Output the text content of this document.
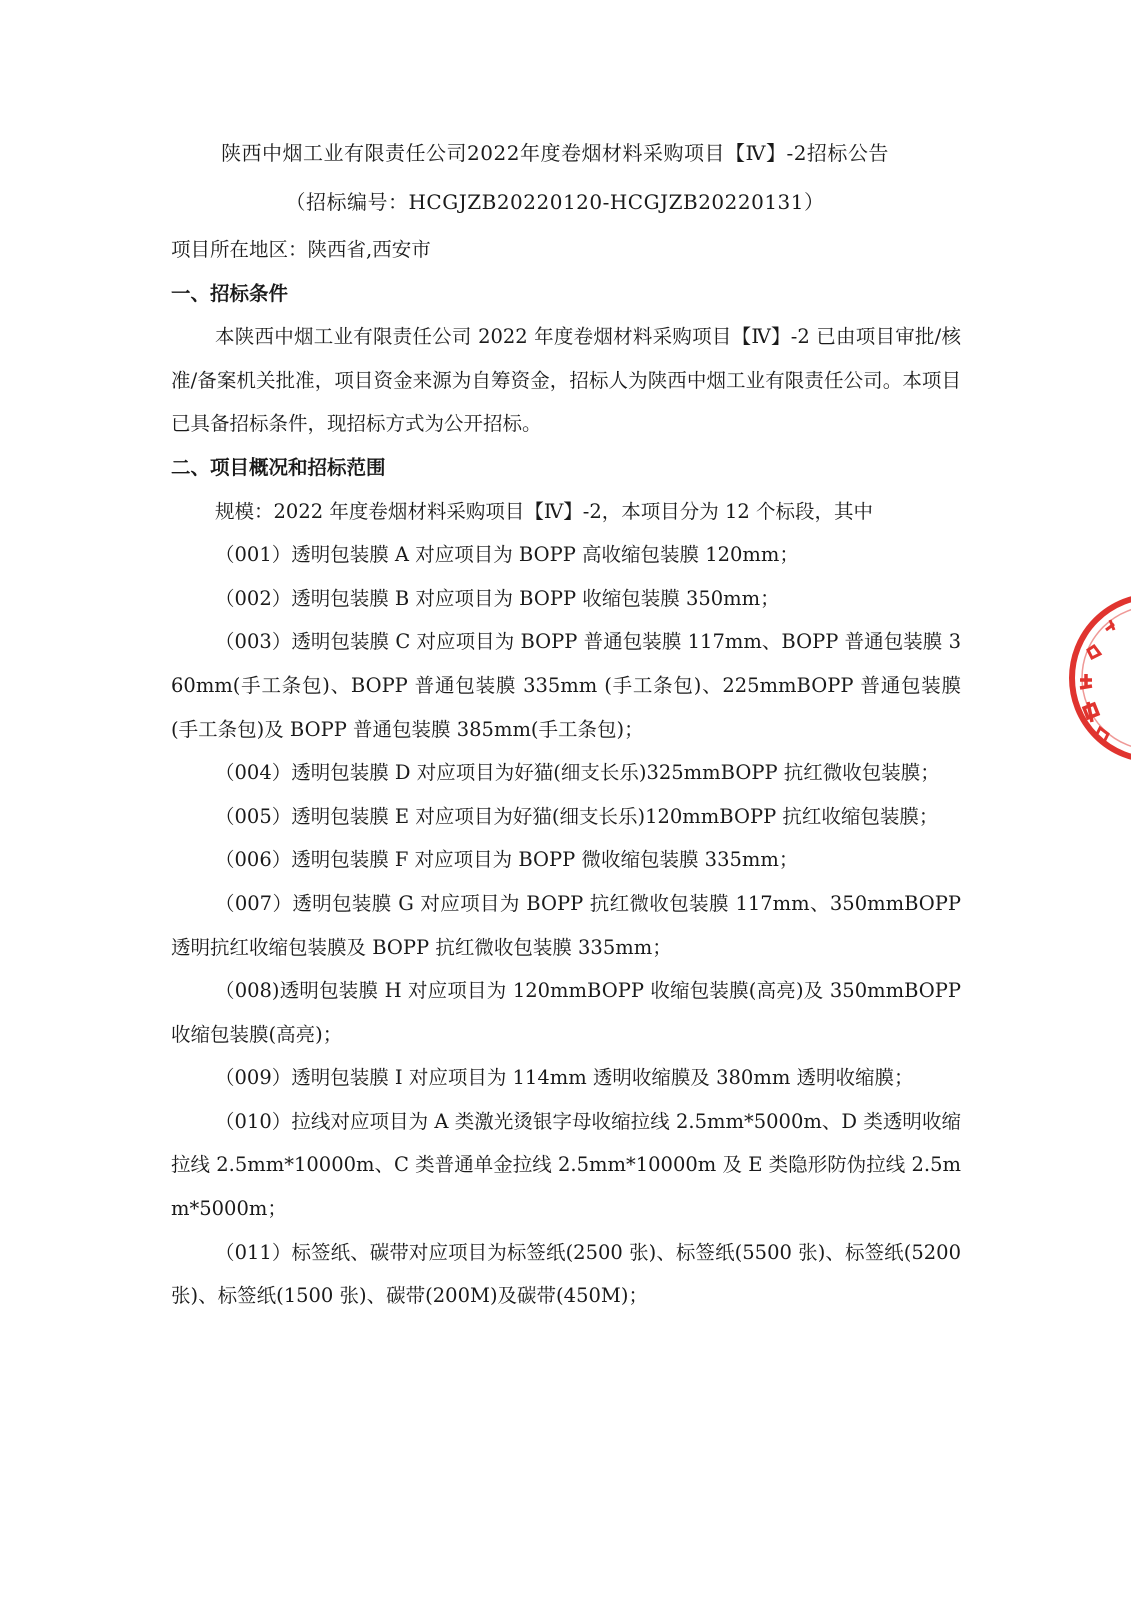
陕西中烟工业有限责任公司2022年度卷烟材料采购项目【Ⅳ】-2招标公告
（招标编号：HCGJZB20220120-HCGJZB20220131）
项目所在地区：陕西省,西安市
一、招标条件
本陕西中烟工业有限责任公司 2022 年度卷烟材料采购项目【Ⅳ】-2 已由项目审批/核准/备案机关批准，项目资金来源为自筹资金，招标人为陕西中烟工业有限责任公司。本项目已具备招标条件，现招标方式为公开招标。
二、项目概况和招标范围
规模：2022 年度卷烟材料采购项目【Ⅳ】-2，本项目分为 12 个标段，其中
（001）透明包装膜 A 对应项目为 BOPP 高收缩包装膜 120mm；
（002）透明包装膜 B 对应项目为 BOPP 收缩包装膜 350mm；
（003）透明包装膜 C 对应项目为 BOPP 普通包装膜 117mm、BOPP 普通包装膜 360mm(手工条包)、BOPP 普通包装膜 335mm (手工条包)、225mmBOPP 普通包装膜(手工条包)及 BOPP 普通包装膜 385mm(手工条包)；
（004）透明包装膜 D 对应项目为好猫(细支长乐)325mmBOPP 抗红微收包装膜；
（005）透明包装膜 E 对应项目为好猫(细支长乐)120mmBOPP 抗红收缩包装膜；
（006）透明包装膜 F 对应项目为 BOPP 微收缩包装膜 335mm；
（007）透明包装膜 G 对应项目为 BOPP 抗红微收包装膜 117mm、350mmBOPP 透明抗红收缩包装膜及 BOPP 抗红微收包装膜 335mm；
（008)透明包装膜 H 对应项目为 120mmBOPP 收缩包装膜(高亮)及 350mmBOPP 收缩包装膜(高亮)；
（009）透明包装膜 I 对应项目为 114mm 透明收缩膜及 380mm 透明收缩膜；
（010）拉线对应项目为 A 类激光烫银字母收缩拉线 2.5mm*5000m、D 类透明收缩拉线 2.5mm*10000m、C 类普通单金拉线 2.5mm*10000m 及 E 类隐形防伪拉线 2.5mm*5000m；
（011）标签纸、碳带对应项目为标签纸(2500 张)、标签纸(5500 张)、标签纸(5200 张)、标签纸(1500 张)、碳带(200M)及碳带(450M)；
